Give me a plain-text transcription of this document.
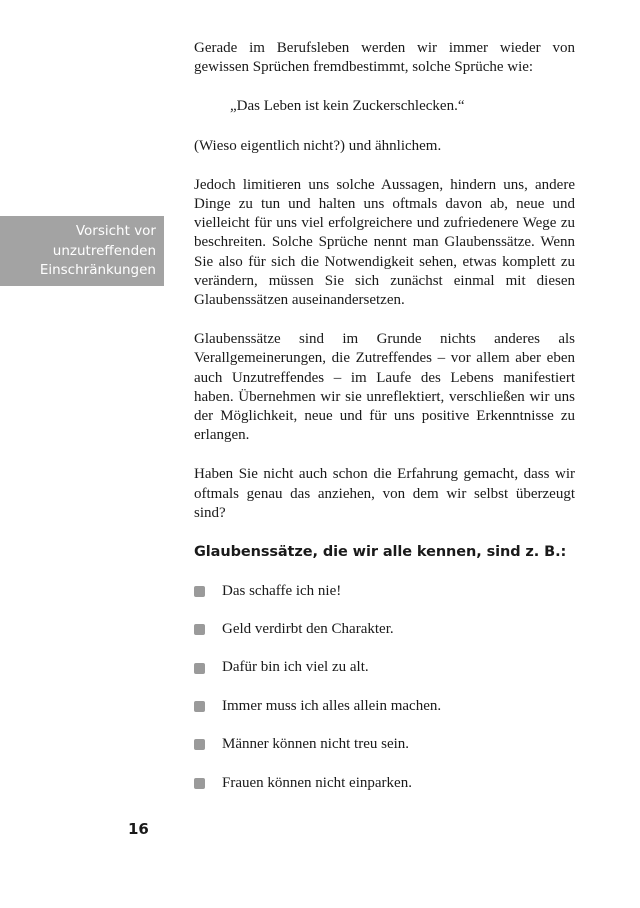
Vorsicht vor
unzutreffenden
Einschränkungen

Gerade im Berufsleben werden wir immer wieder von gewissen Sprüchen fremdbestimmt, solche Sprüche wie:

„Das Leben ist kein Zuckerschlecken.“

(Wieso eigentlich nicht?) und ähnlichem.

Jedoch limitieren uns solche Aussagen, hindern uns, andere Dinge zu tun und halten uns oftmals davon ab, neue und vielleicht für uns viel erfolgreichere und zufriedenere Wege zu beschreiten. Solche Sprüche nennt man Glaubenssätze. Wenn Sie also für sich die Notwendigkeit sehen, etwas komplett zu verändern, müssen Sie sich zunächst einmal mit diesen Glaubenssätzen auseinandersetzen.

Glaubenssätze sind im Grunde nichts anderes als Verallgemeinerungen, die Zutreffendes – vor allem aber eben auch Unzutreffendes – im Laufe des Lebens manifestiert haben. Übernehmen wir sie unreflektiert, verschließen wir uns der Möglichkeit, neue und für uns positive Erkenntnisse zu erlangen.

Haben Sie nicht auch schon die Erfahrung gemacht, dass wir oftmals genau das anziehen, von dem wir selbst überzeugt sind?

Glaubenssätze, die wir alle kennen, sind z. B.:

Das schaffe ich nie!
Geld verdirbt den Charakter.
Dafür bin ich viel zu alt.
Immer muss ich alles allein machen.
Männer können nicht treu sein.
Frauen können nicht einparken.
16
